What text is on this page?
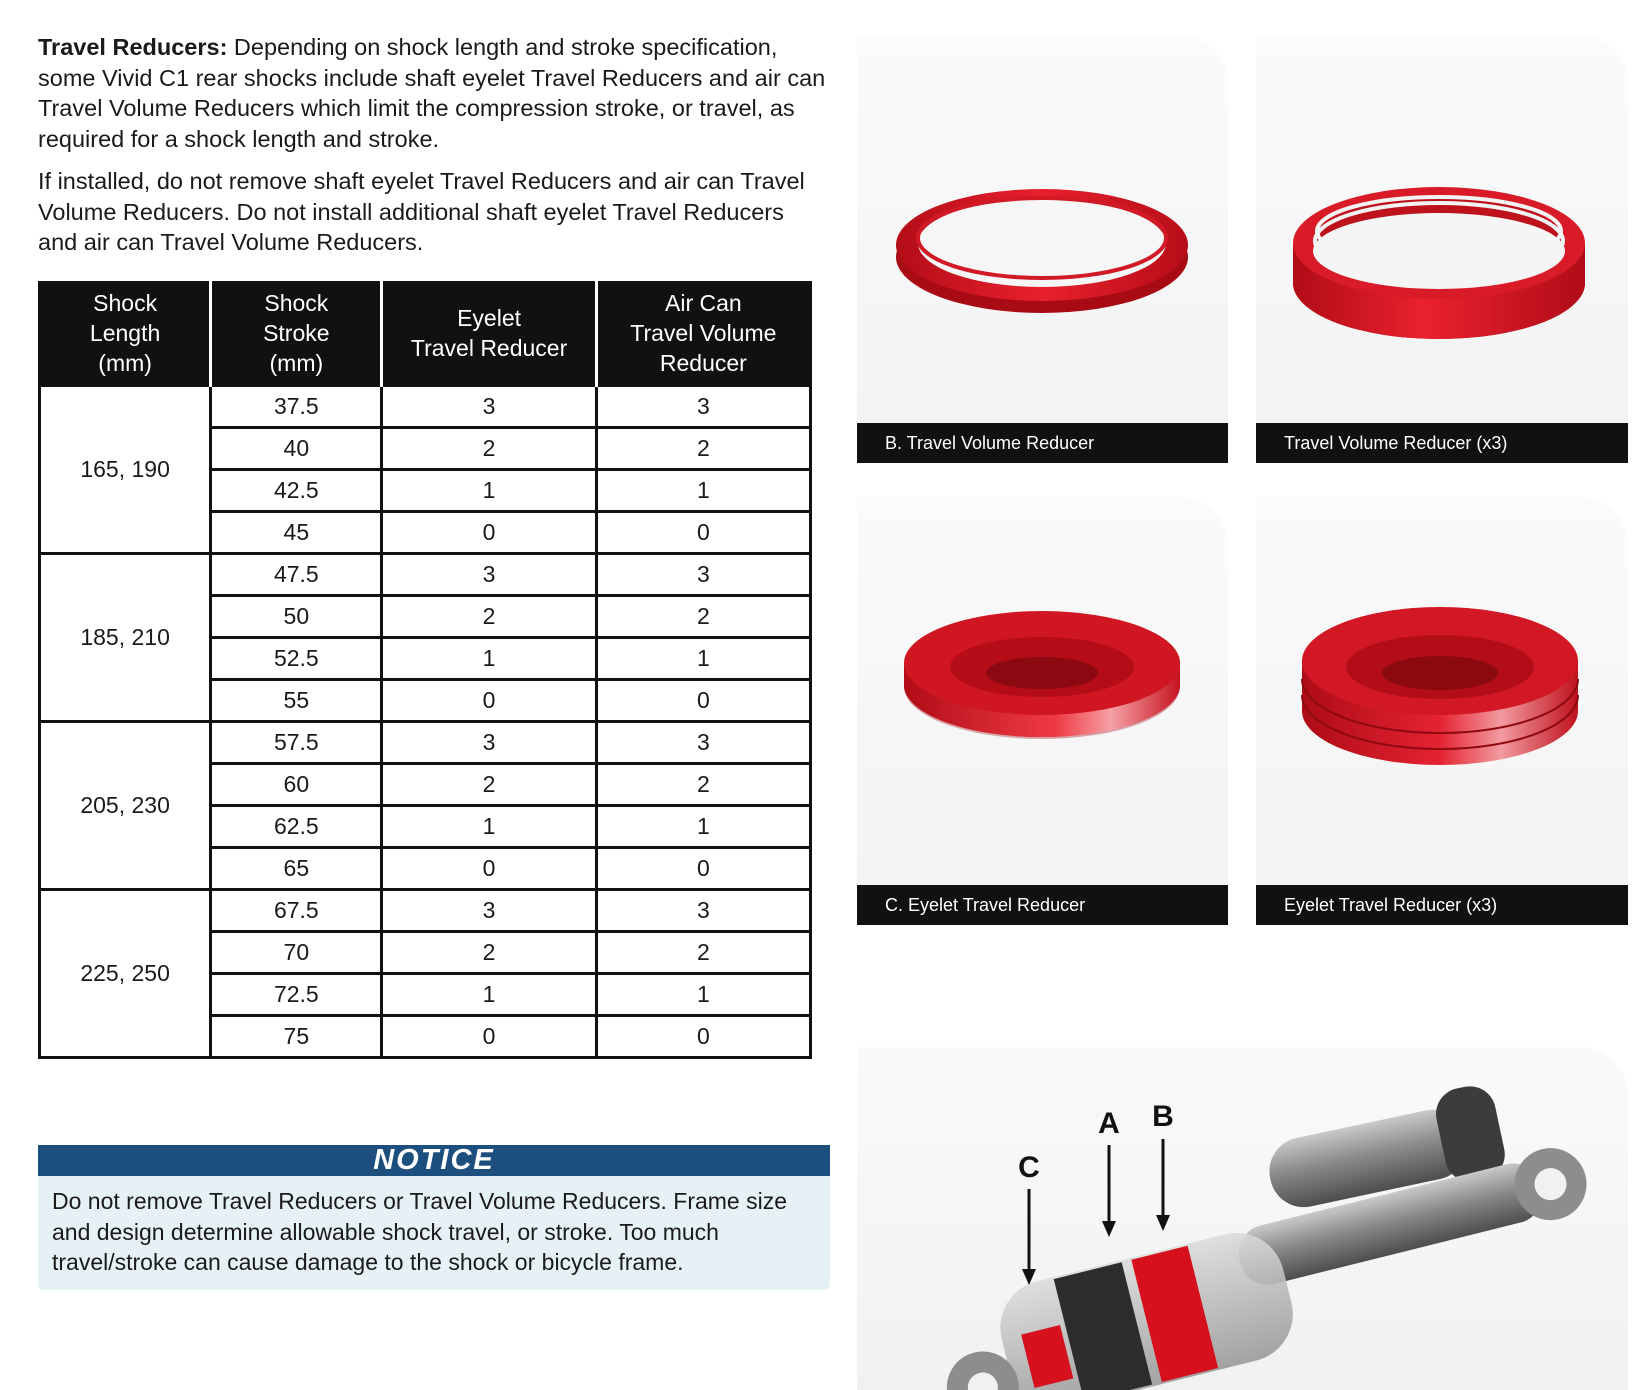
Travel Reducers: Depending on shock length and stroke specification, some Vivid C1 rear shocks include shaft eyelet Travel Reducers and air can Travel Volume Reducers which limit the compression stroke, or travel, as required for a shock length and stroke.

If installed, do not remove shaft eyelet Travel Reducers and air can Travel Volume Reducers. Do not install additional shaft eyelet Travel Reducers and air can Travel Volume Reducers.

Shock
Length
(mm)	Shock
Stroke
(mm)	Eyelet
Travel Reducer	Air Can
Travel Volume
Reducer
165, 190	37.5	3	3
	40	2	2
	42.5	1	1
	45	0	0
185, 210	47.5	3	3
	50	2	2
	52.5	1	1
	55	0	0
205, 230	57.5	3	3
	60	2	2
	62.5	1	1
	65	0	0
225, 250	67.5	3	3
	70	2	2
	72.5	1	1
	75	0	0
NOTICE
Do not remove Travel Reducers or Travel Volume Reducers. Frame size and design determine allowable shock travel, or stroke. Too much travel/stroke can cause damage to the shock or bicycle frame.
B. Travel Volume Reducer	Travel Volume Reducer (x3)
C. Eyelet Travel Reducer	Eyelet Travel Reducer (x3)
C
A B
